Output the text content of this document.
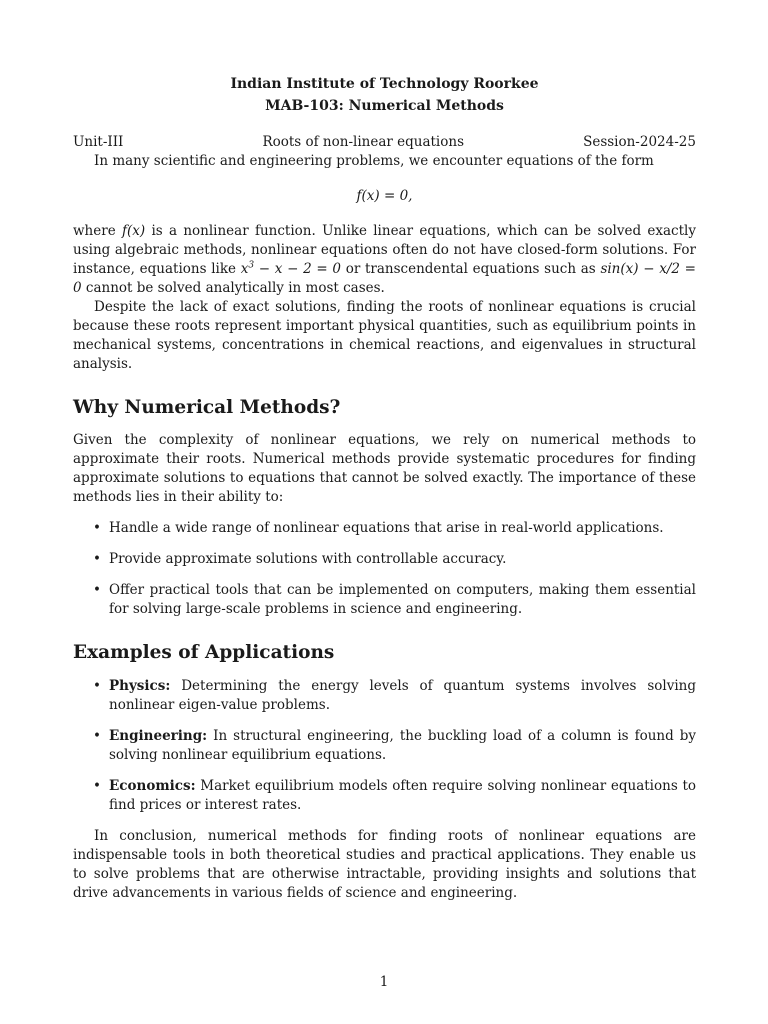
Indian Institute of Technology Roorkee
MAB-103: Numerical Methods
Unit-III	Roots of non-linear equations	Session-2024-25

In many scientific and engineering problems, we encounter equations of the form

f(x) = 0,

where f(x) is a nonlinear function. Unlike linear equations, which can be solved exactly using algebraic methods, nonlinear equations often do not have closed-form solutions. For instance, equations like $x^3 - x - 2 = 0$ or transcendental equations such as sin(x) − x/2 = 0 cannot be solved analytically in most cases.

Despite the lack of exact solutions, finding the roots of nonlinear equations is crucial because these roots represent important physical quantities, such as equilibrium points in mechanical systems, concentrations in chemical reactions, and eigenvalues in structural analysis.

Why Numerical Methods?

Given the complexity of nonlinear equations, we rely on numerical methods to approximate their roots. Numerical methods provide systematic procedures for finding approximate solutions to equations that cannot be solved exactly. The importance of these methods lies in their ability to:

• Handle a wide range of nonlinear equations that arise in real-world applications.
• Provide approximate solutions with controllable accuracy.
• Offer practical tools that can be implemented on computers, making them essential for solving large-scale problems in science and engineering.
Examples of Applications
• Physics: Determining the energy levels of quantum systems involves solving nonlinear eigen-value problems.
• Engineering: In structural engineering, the buckling load of a column is found by solving nonlinear equilibrium equations.
• Economics: Market equilibrium models often require solving nonlinear equations to find prices or interest rates.

In conclusion, numerical methods for finding roots of nonlinear equations are indispensable tools in both theoretical studies and practical applications. They enable us to solve problems that are otherwise intractable, providing insights and solutions that drive advancements in various fields of science and engineering.

1
